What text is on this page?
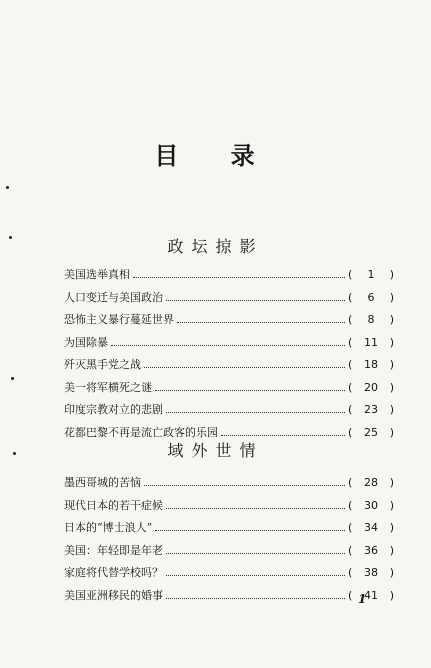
目 录
政坛掠影
美国选举真相	(	1	)
人口变迁与美国政治	(	6	)
恐怖主义暴行蔓延世界	(	8	)
为国除暴	(	11	)
歼灭黑手党之战	(	18	)
美一将军横死之谜	(	20	)
印度宗教对立的悲剧	(	23	)
花都巴黎不再是流亡政客的乐园	(	25	)
域外世情
墨西哥城的苦恼	(	28	)
现代日本的若干症候	(	30	)
日本的“博士浪人”	(	34	)
美国：年轻即是年老	(	36	)
家庭将代替学校吗？	(	38	)
美国亚洲移民的婚事	(	41	)
1
